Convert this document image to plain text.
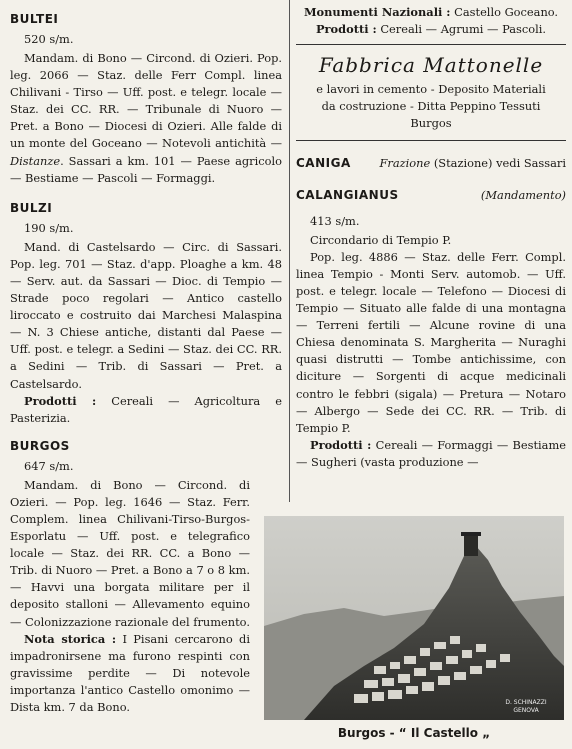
BULTEI
520 s/m.

Mandam. di Bono — Circond. di Ozieri. Pop. leg. 2066 — Staz. delle Ferr Compl. linea Chilivani - Tirso — Uff. post. e telegr. locale — Staz. dei CC. RR. — Tribunale di Nuoro — Pret. a Bono — Diocesi di Ozieri. Alle falde di un monte del Goceano — Notevoli antichità — Distanze. Sassari a km. 101 — Paese agricolo — Bestiame — Pascoli — Formaggi.

BULZI
190 s/m.

Mand. di Castelsardo — Circ. di Sassari. Pop. leg. 701 — Staz. d'app. Ploaghe a km. 48 — Serv. aut. da Sassari — Dioc. di Tempio — Strade poco regolari — Antico castello liroccato e costruito dai Marchesi Malaspina — N. 3 Chiese antiche, distanti dal Paese — Uff. post. e telegr. a Sedini — Staz. dei CC. RR. a Sedini — Trib. di Sassari — Pret. a Castelsardo.

Prodotti : Cereali — Agricoltura e Pasterizia.

BURGOS
647 s/m.

Mandam. di Bono — Circond. di Ozieri. — Pop. leg. 1646 — Staz. Ferr. Complem. linea Chilivani-Tirso-Burgos-Esporlatu — Uff. post. e telegrafico locale — Staz. dei RR. CC. a Bono — Trib. di Nuoro — Pret. a Bono a 7 o 8 km. — Havvi una borgata militare per il deposito stalloni — Allevamento equino — Colonizzazione razionale del frumento.

Nota storica : I Pisani cercarono di impadronirsene ma furono respinti con gravissime perdite — Di notevole importanza l'antico Castello omonimo — Dista km. 7 da Bono.

Monumenti Nazionali : Castello Goceano.

Prodotti : Cereali — Agrumi — Pascoli.

Fabbrica Mattonelle

e lavori in cemento - Deposito Materiali

da costruzione - Ditta Peppino Tessuti

Burgos

CANIGA	Frazione (Stazione) vedi Sassari
CALANGIANUS	(Mandamento)
413 s/m.

Circondario di Tempio P.

Pop. leg. 4886 — Staz. delle Ferr. Compl. linea Tempio - Monti Serv. automob. — Uff. post. e telegr. locale — Telefono — Diocesi di Tempio — Situato alle falde di una montagna — Terreni fertili — Alcune rovine di una Chiesa denominata S. Margherita — Nuraghi quasi distrutti — Tombe antichissime, con diciture — Sorgenti di acque medicinali contro le febbri (sigala) — Pretura — Notaro — Albergo — Sede dei CC. RR. — Trib. di Tempio P.

Prodotti : Cereali — Formaggi — Bestiame — Sugheri (vasta produzione —

D. SCHINAZZI
GENOVA
Burgos - “ Il Castello „
